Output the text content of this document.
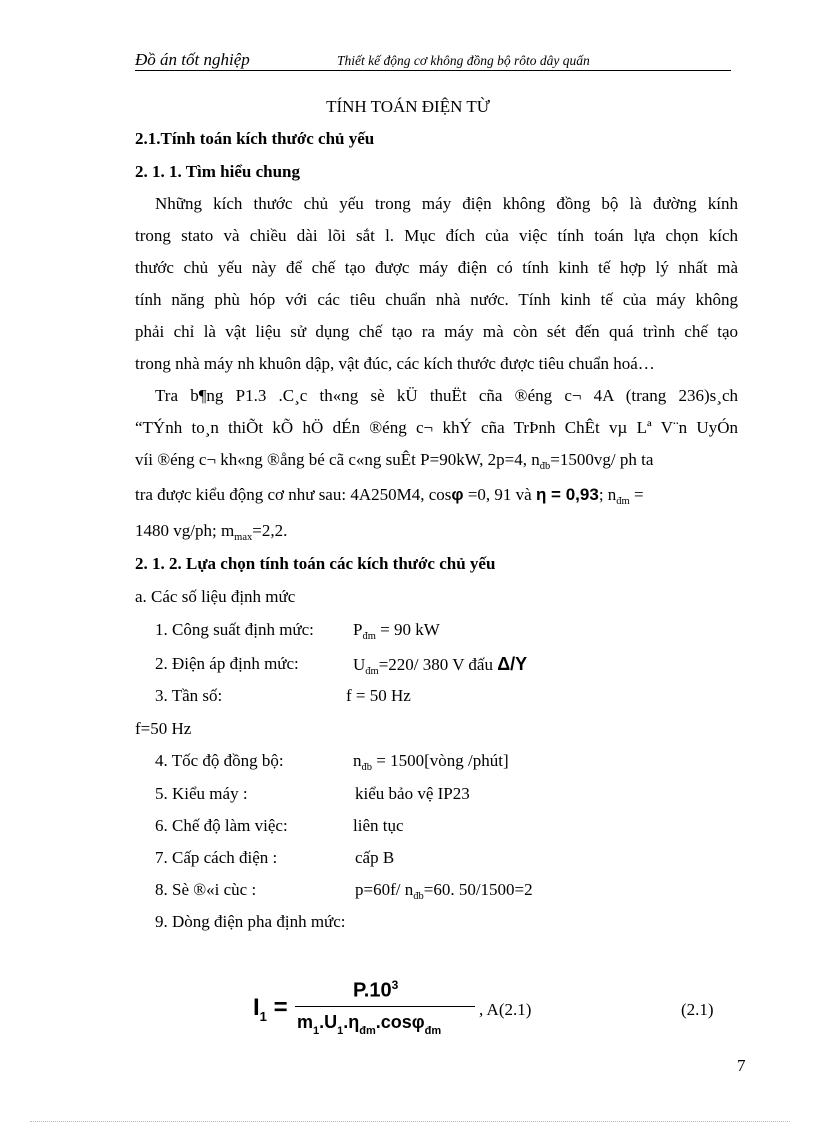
Đồ án tốt nghiệp	Thiết kế động cơ không đồng bộ rôto dây quấn
TÍNH TOÁN ĐIỆN TỪ
2.1.Tính toán kích thước chủ yếu
2. 1. 1. Tìm hiểu chung
Những kích thước chủ yếu trong máy điện không đồng bộ là đường kính
trong stato và chiều dài lõi sắt l. Mục đích của việc tính toán lựa chọn kích
thước chủ yếu này để chế tạo được máy điện có tính kinh tế hợp lý nhất mà
tính năng phù hóp với các tiêu chuẩn nhà nước. Tính kinh tế của máy không
phải chỉ là vật liệu sử dụng chế tạo ra máy mà còn sét đến quá trình chế tạo
trong nhà máy nh khuôn dập, vật đúc, các kích thước được tiêu chuẩn hoá…
Tra b¶ng P1.3 .C¸c th«ng sè kÜ thuËt cña ®éng c¬ 4A (trang 236)s¸ch
“TÝnh to¸n thiÕt kÕ hÖ dÉn ®éng c¬ khÝ cña TrÞnh ChÊt vµ Lª V¨n UyÓn
víi ®éng c¬ kh«ng ®ång bé cã c«ng suÊt P=90kW, 2p=4, $n_{đb}=1500vg/$ ph ta
tra được kiểu động cơ như sau: 4A250M4, cosφ =0, 91 và η = 0,93; $n_{đm}$ =
1480 vg/ph; $m_{max}=2,2$.
2. 1. 2. Lựa chọn tính toán các kích thước chủ yếu
a. Các số liệu định mức
1. Công suất định mức: $P_{đm} = 90$ kW
2. Điện áp định mức:	$U_{đm}=220/$ 380 V đấu Δ/Y
3. Tần số:	f = 50 Hz
f=50 Hz
4. Tốc độ đồng bộ:	$n_{đb}$ = 1500[vòng /phút]
5. Kiểu máy :	kiểu bảo vệ IP23
6. Chế độ làm việc:	liên tục
7. Cấp cách điện :	cấp B
8. Sè ®«i cùc :	p=60f/ $n_{đb}=60$. 50/1500=2
9. Dòng điện pha định mức:
$I_1$ =
$P.10^3$
$m_1.U_1.\eta_{đm}.\cos\varphi_{đm}$
, A(2.1)	(2.1)
7
